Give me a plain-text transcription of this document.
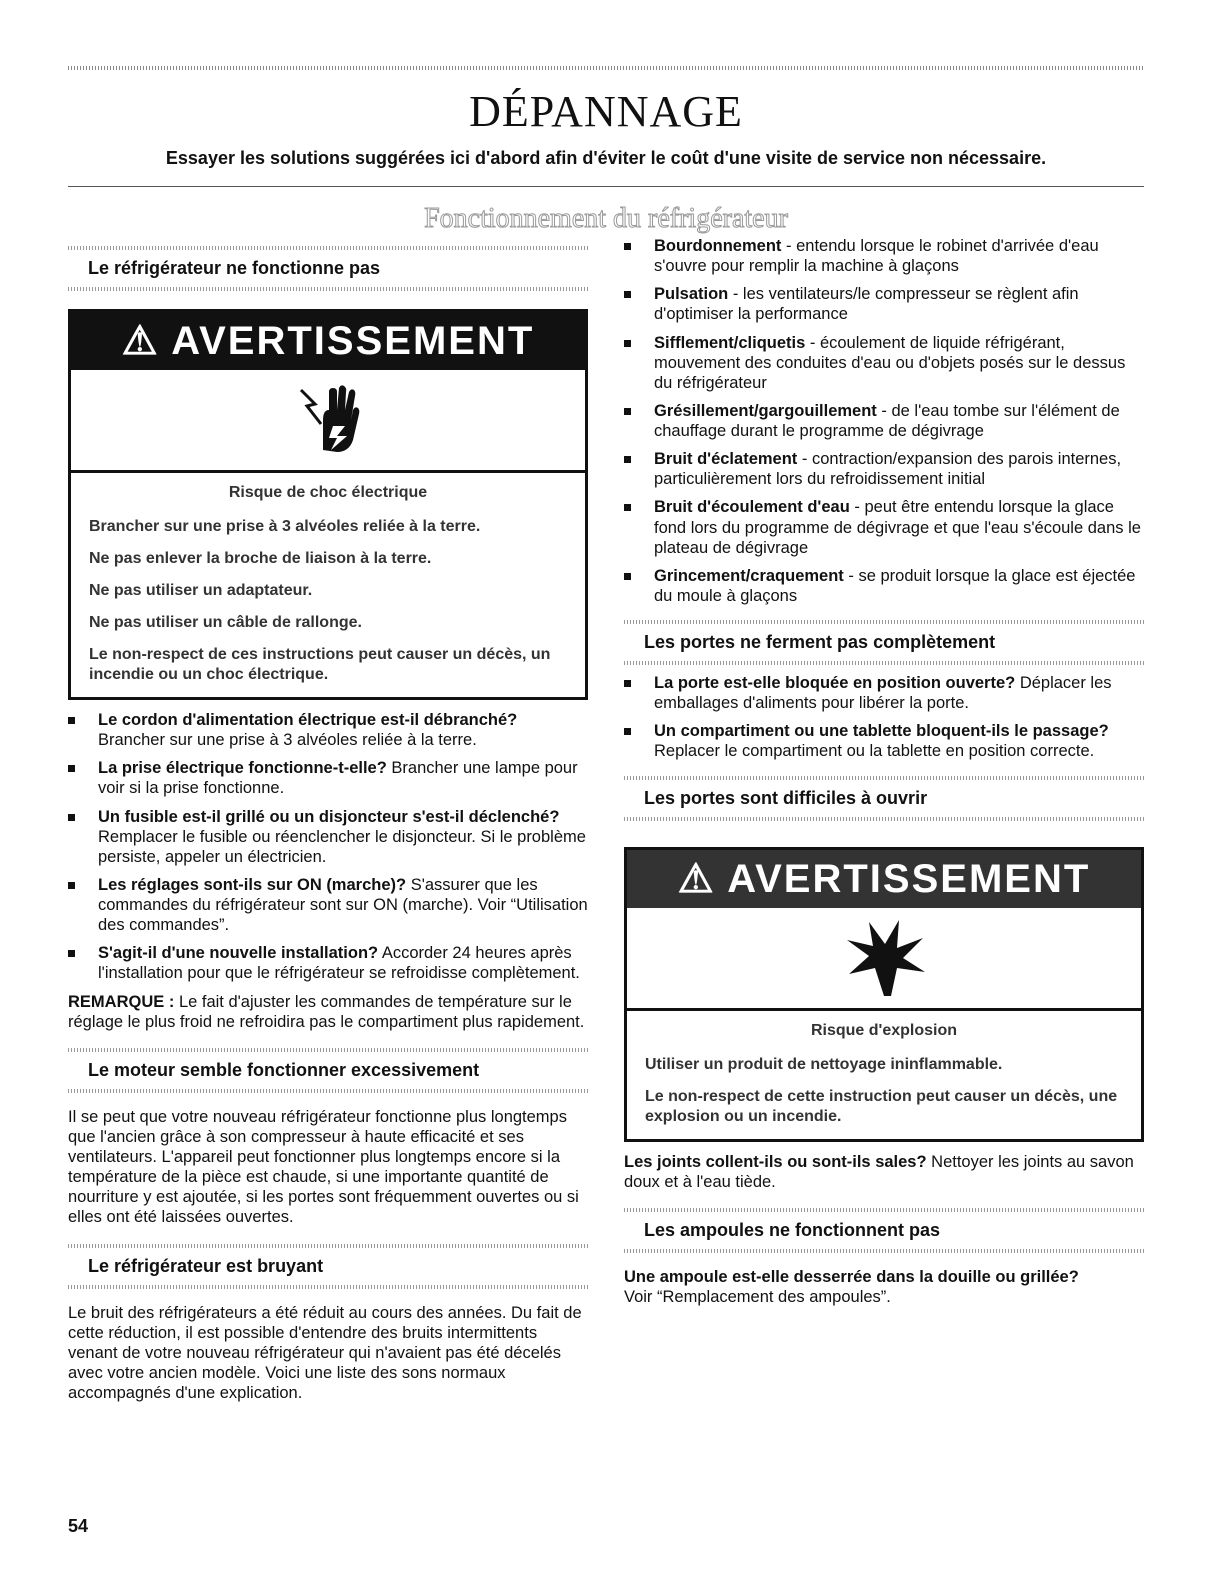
DÉPANNAGE

Essayer les solutions suggérées ici d'abord afin d'éviter le coût d'une visite de service non nécessaire.

Fonctionnement du réfrigérateur
Le réfrigérateur ne fonctionne pas
⚠ AVERTISSEMENT

Risque de choc électrique

Brancher sur une prise à 3 alvéoles reliée à la terre.

Ne pas enlever la broche de liaison à la terre.

Ne pas utiliser un adaptateur.

Ne pas utiliser un câble de rallonge.

Le non-respect de ces instructions peut causer un décès, un incendie ou un choc électrique.

Le cordon d'alimentation électrique est-il débranché?
Brancher sur une prise à 3 alvéoles reliée à la terre.
La prise électrique fonctionne-t-elle? Brancher une lampe pour voir si la prise fonctionne.
Un fusible est-il grillé ou un disjoncteur s'est-il déclenché? Remplacer le fusible ou réenclencher le disjoncteur. Si le problème persiste, appeler un électricien.
Les réglages sont-ils sur ON (marche)? S'assurer que les commandes du réfrigérateur sont sur ON (marche). Voir “Utilisation des commandes”.
S'agit-il d'une nouvelle installation? Accorder 24 heures après l'installation pour que le réfrigérateur se refroidisse complètement.

REMARQUE : Le fait d'ajuster les commandes de température sur le réglage le plus froid ne refroidira pas le compartiment plus rapidement.

Le moteur semble fonctionner excessivement

Il se peut que votre nouveau réfrigérateur fonctionne plus longtemps que l'ancien grâce à son compresseur à haute efficacité et ses ventilateurs. L'appareil peut fonctionner plus longtemps encore si la température de la pièce est chaude, si une importante quantité de nourriture y est ajoutée, si les portes sont fréquemment ouvertes ou si elles ont été laissées ouvertes.

Le réfrigérateur est bruyant

Le bruit des réfrigérateurs a été réduit au cours des années. Du fait de cette réduction, il est possible d'entendre des bruits intermittents venant de votre nouveau réfrigérateur qui n'avaient pas été décelés avec votre ancien modèle. Voici une liste des sons normaux accompagnés d'une explication.

Bourdonnement - entendu lorsque le robinet d'arrivée d'eau s'ouvre pour remplir la machine à glaçons
Pulsation - les ventilateurs/le compresseur se règlent afin d'optimiser la performance
Sifflement/cliquetis - écoulement de liquide réfrigérant, mouvement des conduites d'eau ou d'objets posés sur le dessus du réfrigérateur
Grésillement/gargouillement - de l'eau tombe sur l'élément de chauffage durant le programme de dégivrage
Bruit d'éclatement - contraction/expansion des parois internes, particulièrement lors du refroidissement initial
Bruit d'écoulement d'eau - peut être entendu lorsque la glace fond lors du programme de dégivrage et que l'eau s'écoule dans le plateau de dégivrage
Grincement/craquement - se produit lorsque la glace est éjectée du moule à glaçons
Les portes ne ferment pas complètement
La porte est-elle bloquée en position ouverte? Déplacer les emballages d'aliments pour libérer la porte.
Un compartiment ou une tablette bloquent-ils le passage? Replacer le compartiment ou la tablette en position correcte.
Les portes sont difficiles à ouvrir
⚠ AVERTISSEMENT

Risque d'explosion

Utiliser un produit de nettoyage ininflammable.

Le non-respect de cette instruction peut causer un décès, une explosion ou un incendie.

Les joints collent-ils ou sont-ils sales? Nettoyer les joints au savon doux et à l'eau tiède.

Les ampoules ne fonctionnent pas

Une ampoule est-elle desserrée dans la douille ou grillée?
Voir “Remplacement des ampoules”.

54
